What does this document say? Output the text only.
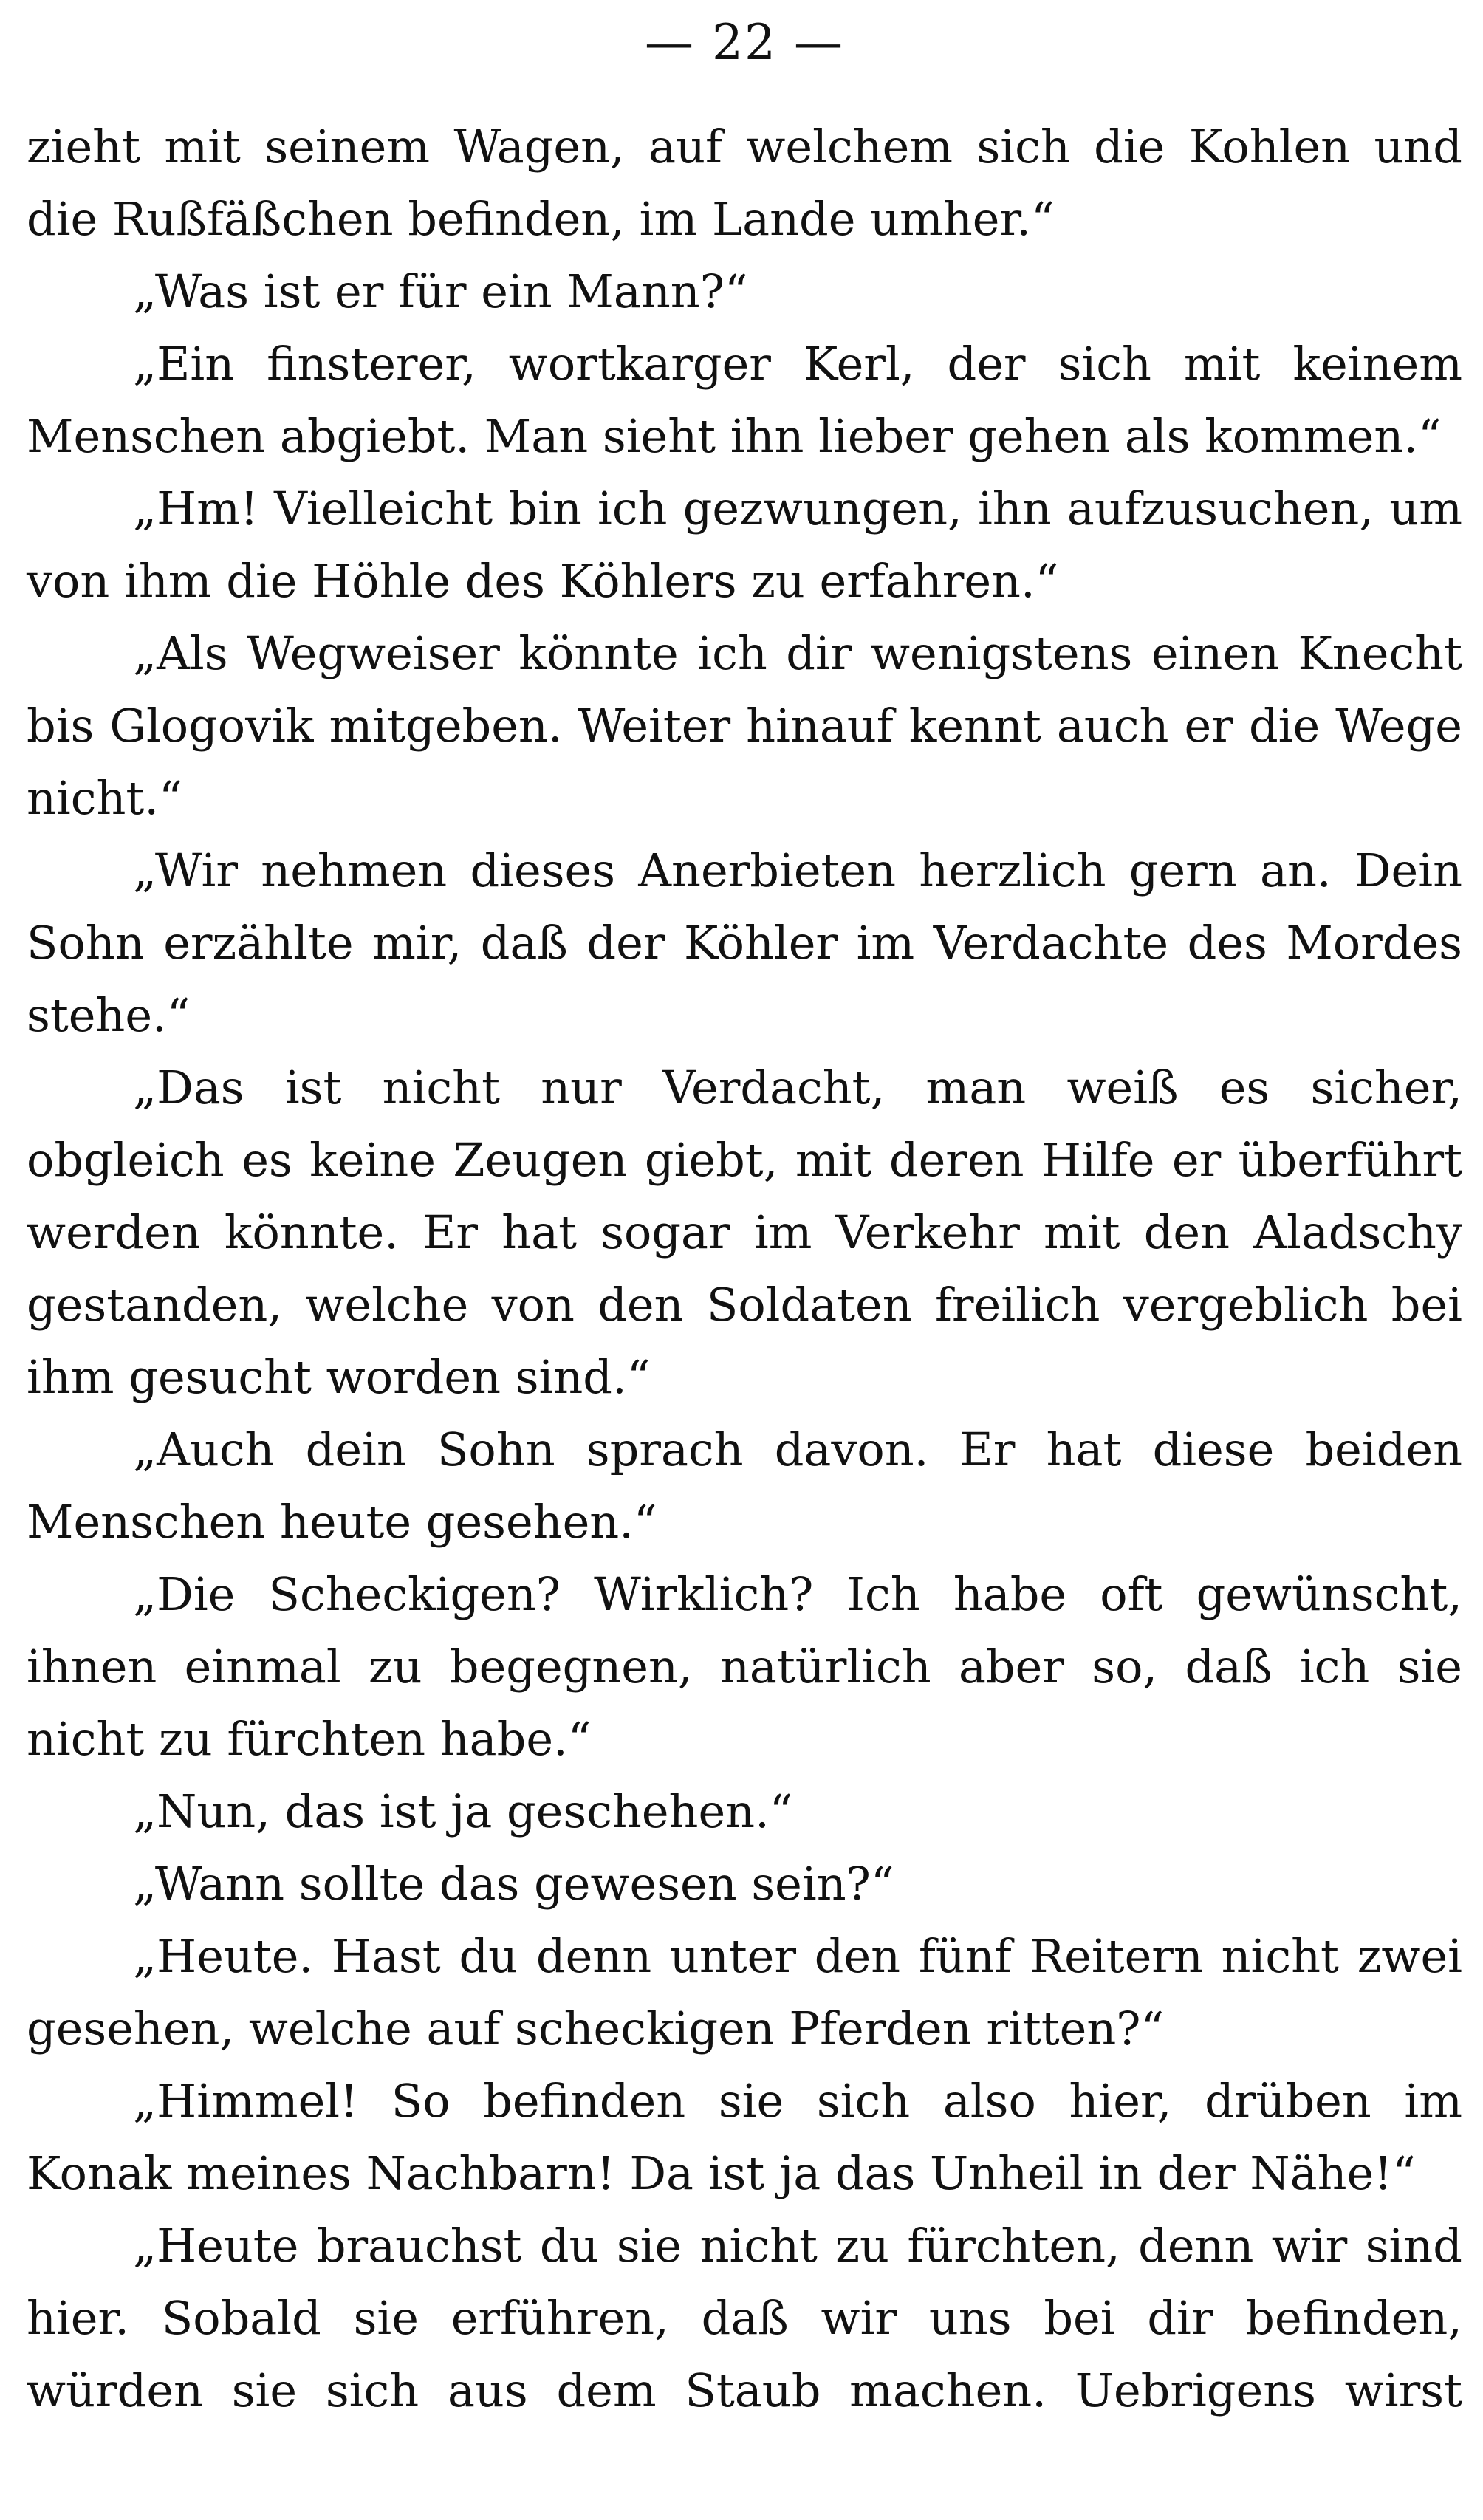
— 22 —

zieht mit seinem Wagen, auf welchem sich die Kohlen und die Rußfäßchen befinden, im Lande umher.“

„Was ist er für ein Mann?“

„Ein finsterer, wortkarger Kerl, der sich mit keinem Menschen abgiebt. Man sieht ihn lieber gehen als kommen.“

„Hm! Vielleicht bin ich gezwungen, ihn aufzusuchen, um von ihm die Höhle des Köhlers zu erfahren.“

„Als Wegweiser könnte ich dir wenigstens einen Knecht bis Glogovik mitgeben. Weiter hinauf kennt auch er die Wege nicht.“

„Wir nehmen dieses Anerbieten herzlich gern an. Dein Sohn erzählte mir, daß der Köhler im Verdachte des Mordes stehe.“

„Das ist nicht nur Verdacht, man weiß es sicher, obgleich es keine Zeugen giebt, mit deren Hilfe er überführt werden könnte. Er hat sogar im Verkehr mit den Aladschy gestanden, welche von den Soldaten freilich vergeblich bei ihm gesucht worden sind.“

„Auch dein Sohn sprach davon. Er hat diese beiden Menschen heute gesehen.“

„Die Scheckigen? Wirklich? Ich habe oft gewünscht, ihnen einmal zu begegnen, natürlich aber so, daß ich sie nicht zu fürchten habe.“

„Nun, das ist ja geschehen.“

„Wann sollte das gewesen sein?“

„Heute. Hast du denn unter den fünf Reitern nicht zwei gesehen, welche auf scheckigen Pferden ritten?“

„Himmel! So befinden sie sich also hier, drüben im Konak meines Nachbarn! Da ist ja das Unheil in der Nähe!“

„Heute brauchst du sie nicht zu fürchten, denn wir sind hier. Sobald sie erführen, daß wir uns bei dir befinden, würden sie sich aus dem Staub machen. Uebrigens wirst
